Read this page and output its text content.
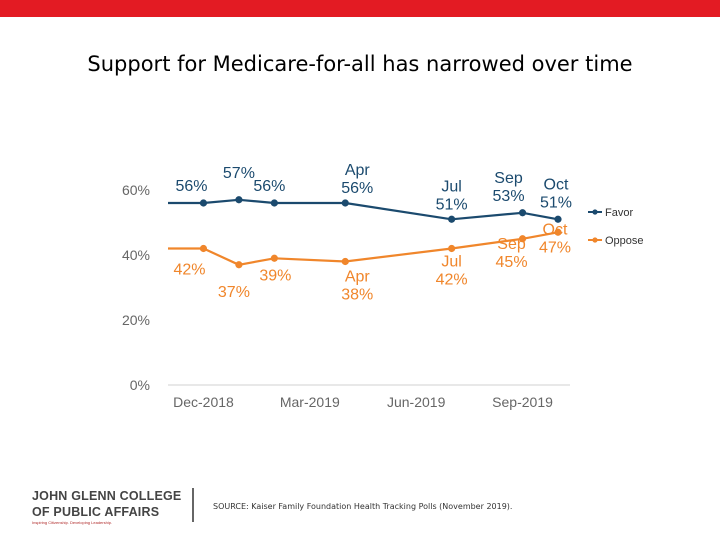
Support for Medicare-for-all has narrowed over time
0%
20%
40%
60%
Dec-2018	Mar-2019	Jun-2019	Sep-2019
56%
57%
56%
Apr
56%	Jul
51%
Sep
53%
Oct
51%
42%
37%
39%	Apr
38%
Jul
42%
Sep
45%
Oct
47%
Favor
Oppose
JOHN GLENN COLLEGE
OF PUBLIC AFFAIRS
Inspiring Citizenship. Developing Leadership.
SOURCE: Kaiser Family Foundation Health Tracking Polls (November 2019).
